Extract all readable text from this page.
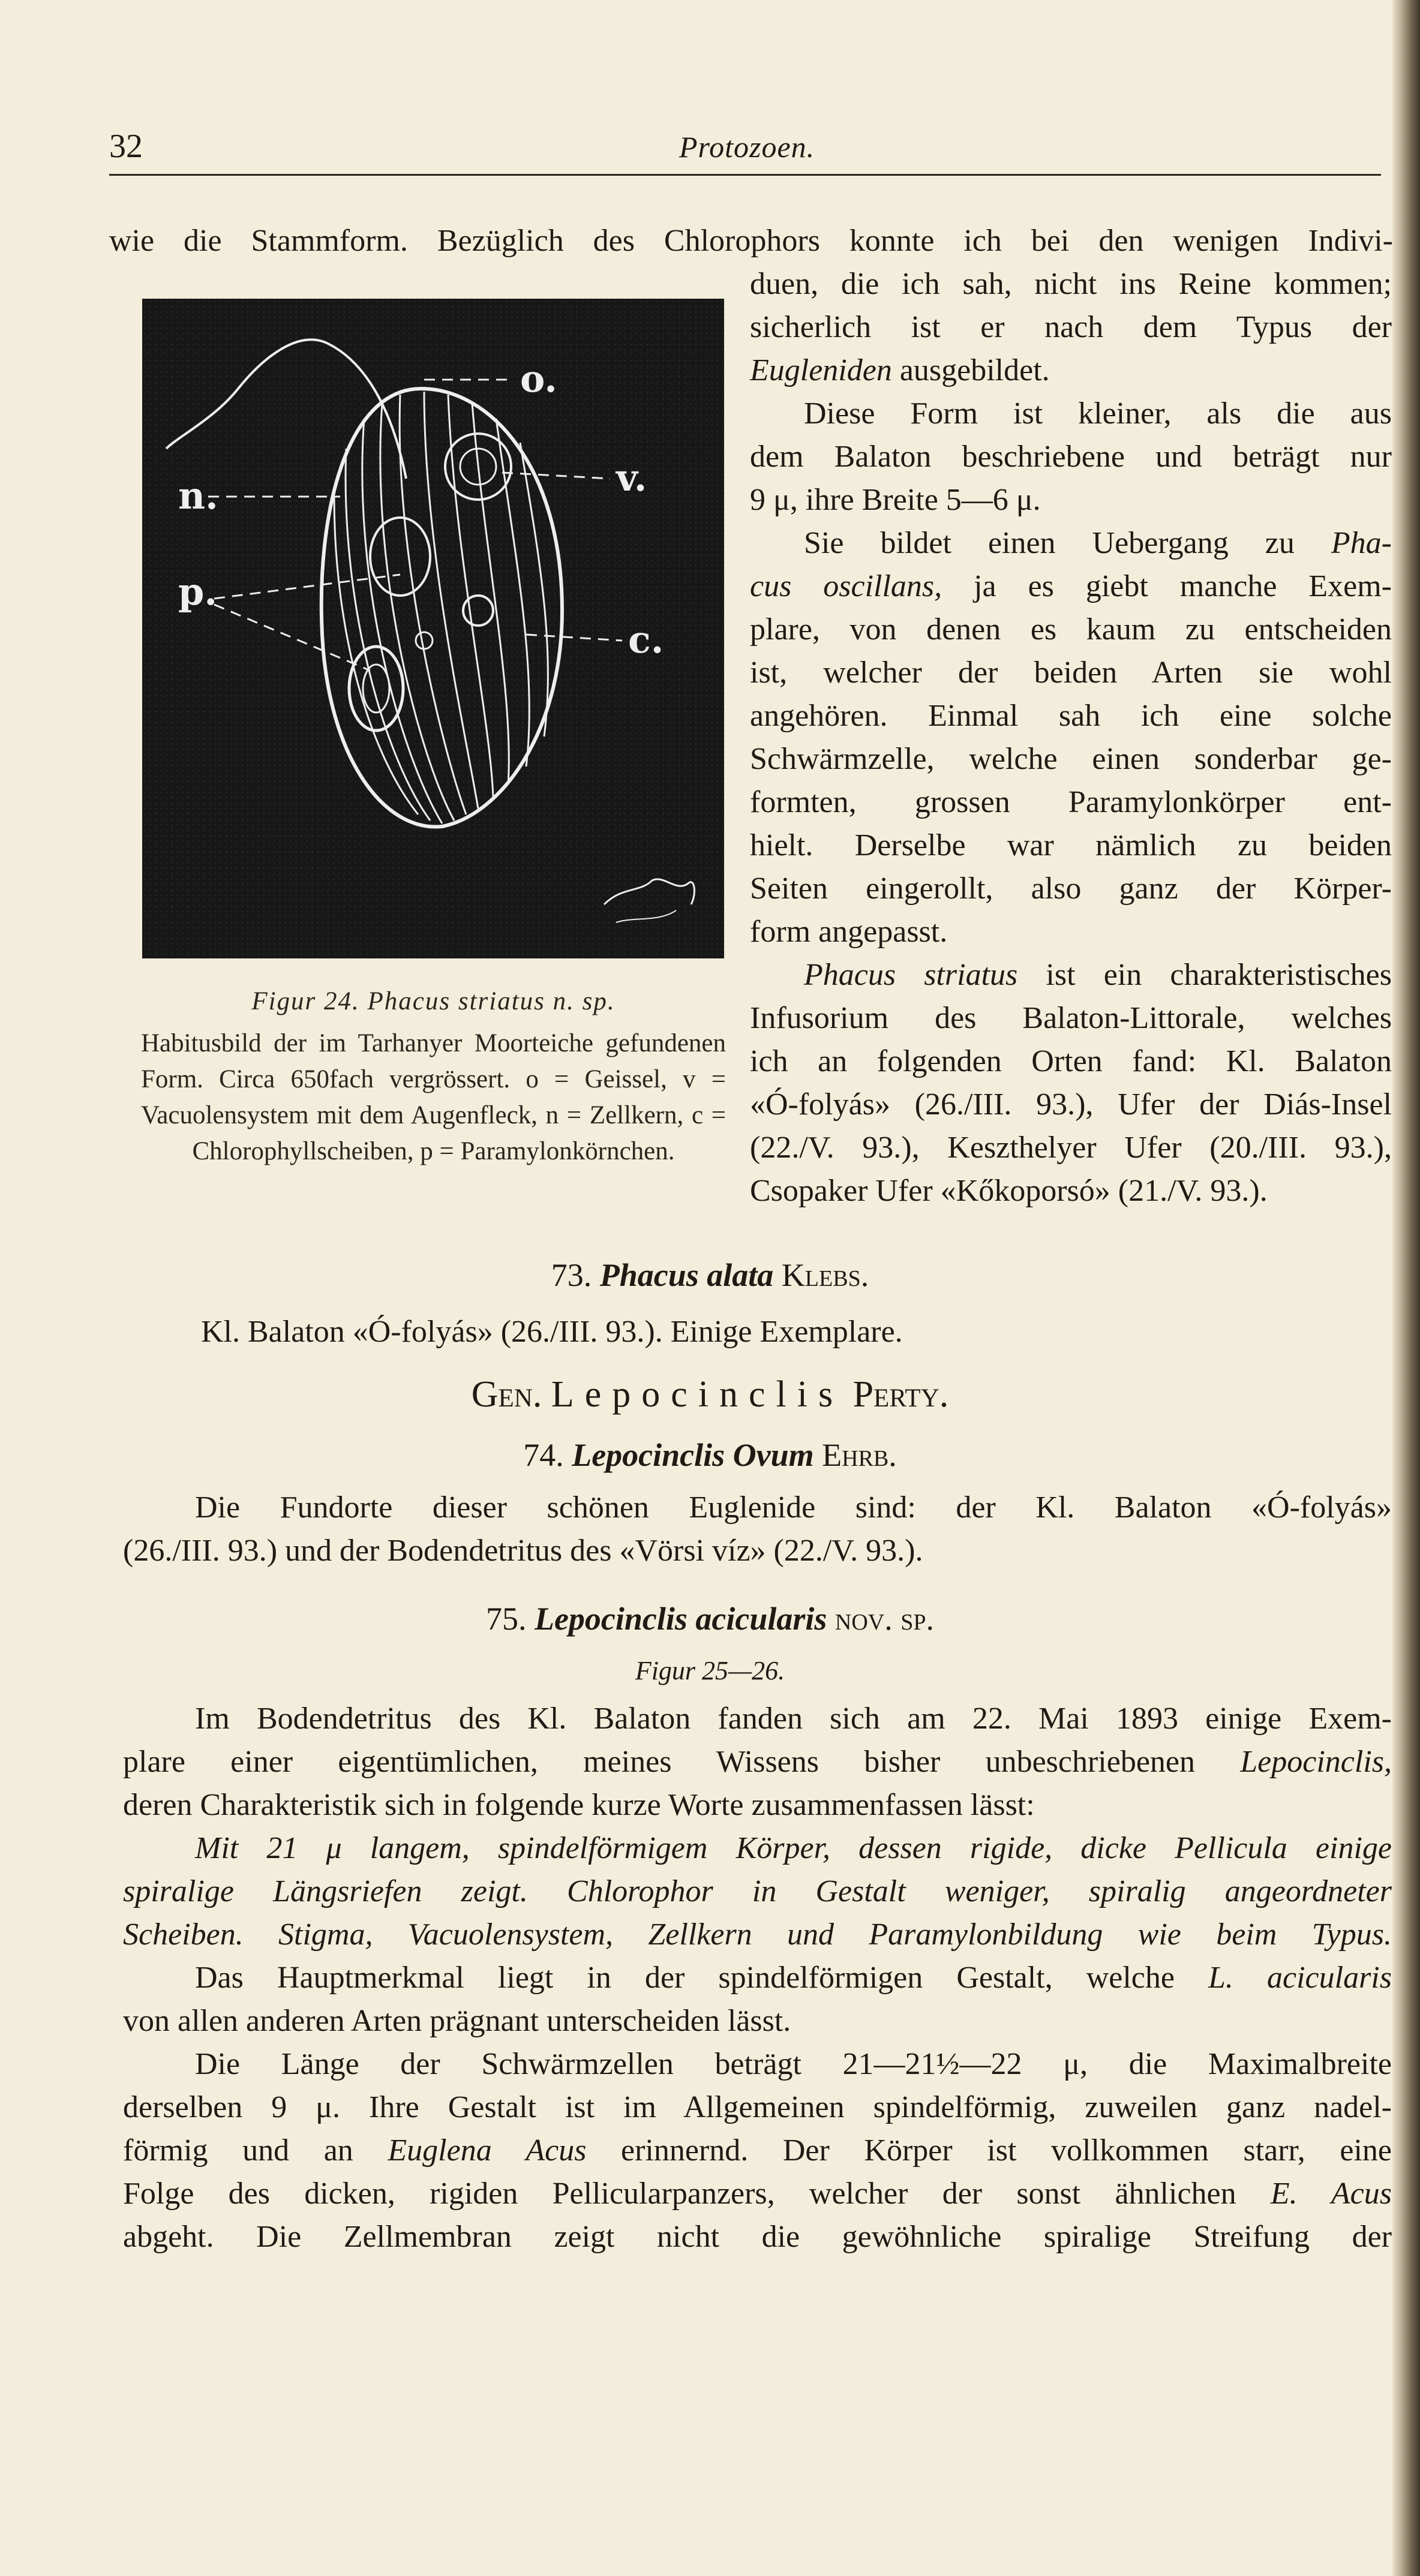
32	Protozoen.

wie die Stammform. Bezüglich des Chlorophors konnte ich bei den wenigen Indivi-

duen, die ich sah, nicht ins Reine kommen;

sicherlich ist er nach dem Typus der

Eugleniden ausgebildet.

Diese Form ist kleiner, als die aus

dem Balaton beschriebene und beträgt nur

9 μ, ihre Breite 5—6 μ.

Sie bildet einen Uebergang zu Pha-

cus oscillans, ja es giebt manche Exem-

plare, von denen es kaum zu entscheiden

ist, welcher der beiden Arten sie wohl

angehören. Einmal sah ich eine solche

Schwärmzelle, welche einen sonderbar ge-

formten, grossen Paramylonkörper ent-

hielt. Derselbe war nämlich zu beiden

Seiten eingerollt, also ganz der Körper-

form angepasst.

Phacus striatus ist ein charakteristisches

Infusorium des Balaton-Littorale, welches

ich an folgenden Orten fand: Kl. Balaton

«Ó-folyás» (26./III. 93.), Ufer der Diás-Insel

(22./V. 93.), Keszthelyer Ufer (20./III. 93.),

Csopaker Ufer «Kőkoporsó» (21./V. 93.).

o.
n.	v.
p.
c.
Figur 24. Phacus striatus n. sp.
Habitusbild der im Tarhanyer Moorteiche gefundenen Form. Circa 650fach vergrössert. o = Geissel, v = Vacuolensystem mit dem Augenfleck, n = Zellkern, c = Chlorophyllscheiben, p = Paramylonkörnchen.
73. Phacus alata Klebs.

Kl. Balaton «Ó-folyás» (26./III. 93.). Einige Exemplare.

Gen. Lepocinclis Perty.
74. Lepocinclis Ovum Ehrb.

Die Fundorte dieser schönen Euglenide sind: der Kl. Balaton «Ó-folyás»

(26./III. 93.) und der Bodendetritus des «Vörsi víz» (22./V. 93.).

75. Lepocinclis acicularis nov. sp.
Figur 25—26.

Im Bodendetritus des Kl. Balaton fanden sich am 22. Mai 1893 einige Exem-

plare einer eigentümlichen, meines Wissens bisher unbeschriebenen Lepocinclis,

deren Charakteristik sich in folgende kurze Worte zusammenfassen lässt:

Mit 21 μ langem, spindelförmigem Körper, dessen rigide, dicke Pellicula einige

spiralige Längsriefen zeigt. Chlorophor in Gestalt weniger, spiralig angeordneter

Scheiben. Stigma, Vacuolensystem, Zellkern und Paramylonbildung wie beim Typus.

Das Hauptmerkmal liegt in der spindelförmigen Gestalt, welche L. acicularis

von allen anderen Arten prägnant unterscheiden lässt.

Die Länge der Schwärmzellen beträgt 21—21½—22 μ, die Maximalbreite

derselben 9 μ. Ihre Gestalt ist im Allgemeinen spindelförmig, zuweilen ganz nadel-

förmig und an Euglena Acus erinnernd. Der Körper ist vollkommen starr, eine

Folge des dicken, rigiden Pellicularpanzers, welcher der sonst ähnlichen E. Acus

abgeht. Die Zellmembran zeigt nicht die gewöhnliche spiralige Streifung der
